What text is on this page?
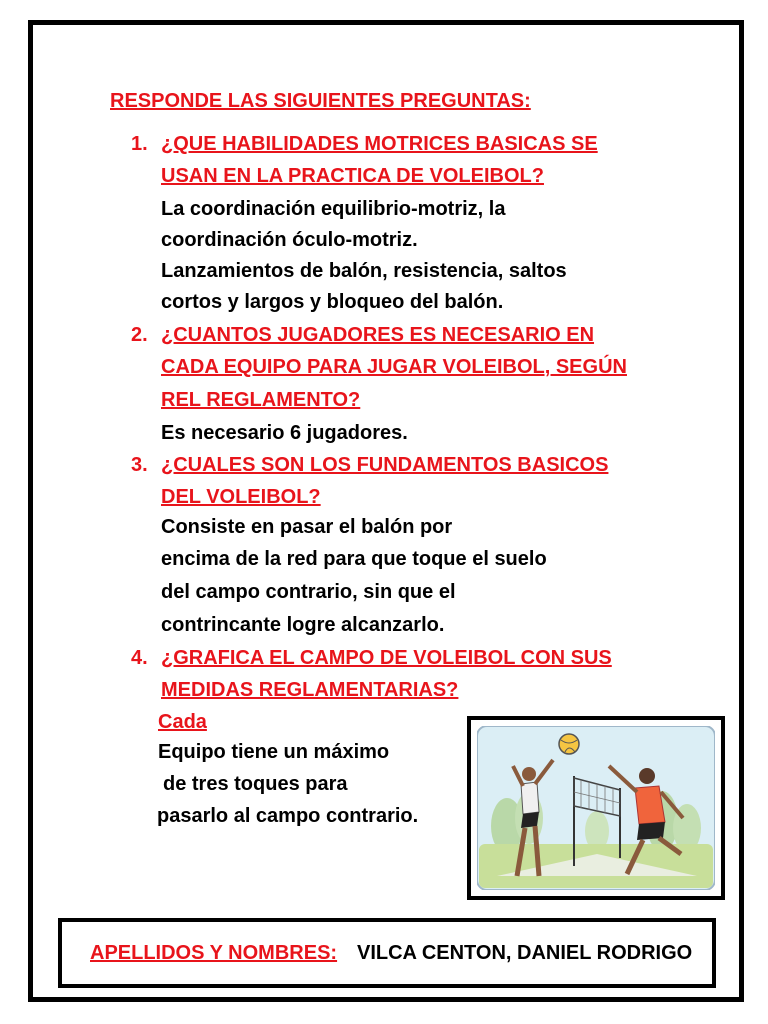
RESPONDE LAS SIGUIENTES PREGUNTAS:
1. ¿QUE HABILIDADES MOTRICES BASICAS SE
USAN EN LA PRACTICA DE VOLEIBOL?
La coordinación equilibrio-motriz, la
coordinación óculo-motriz.
Lanzamientos de balón, resistencia, saltos
cortos y largos y bloqueo del balón.
2. ¿CUANTOS JUGADORES ES NECESARIO EN
CADA EQUIPO PARA JUGAR VOLEIBOL, SEGÚN
REL REGLAMENTO?
Es necesario 6 jugadores.
3. ¿CUALES SON LOS FUNDAMENTOS BASICOS
DEL VOLEIBOL?
Consiste en pasar el balón por
encima de la red para que toque el suelo
del campo contrario, sin que el
contrincante logre alcanzarlo.
4. ¿GRAFICA EL CAMPO DE VOLEIBOL CON SUS
MEDIDAS REGLAMENTARIAS?
Cada
Equipo tiene un máximo
de tres toques para
pasarlo al campo contrario.
APELLIDOS Y NOMBRES: VILCA CENTON, DANIEL RODRIGO
